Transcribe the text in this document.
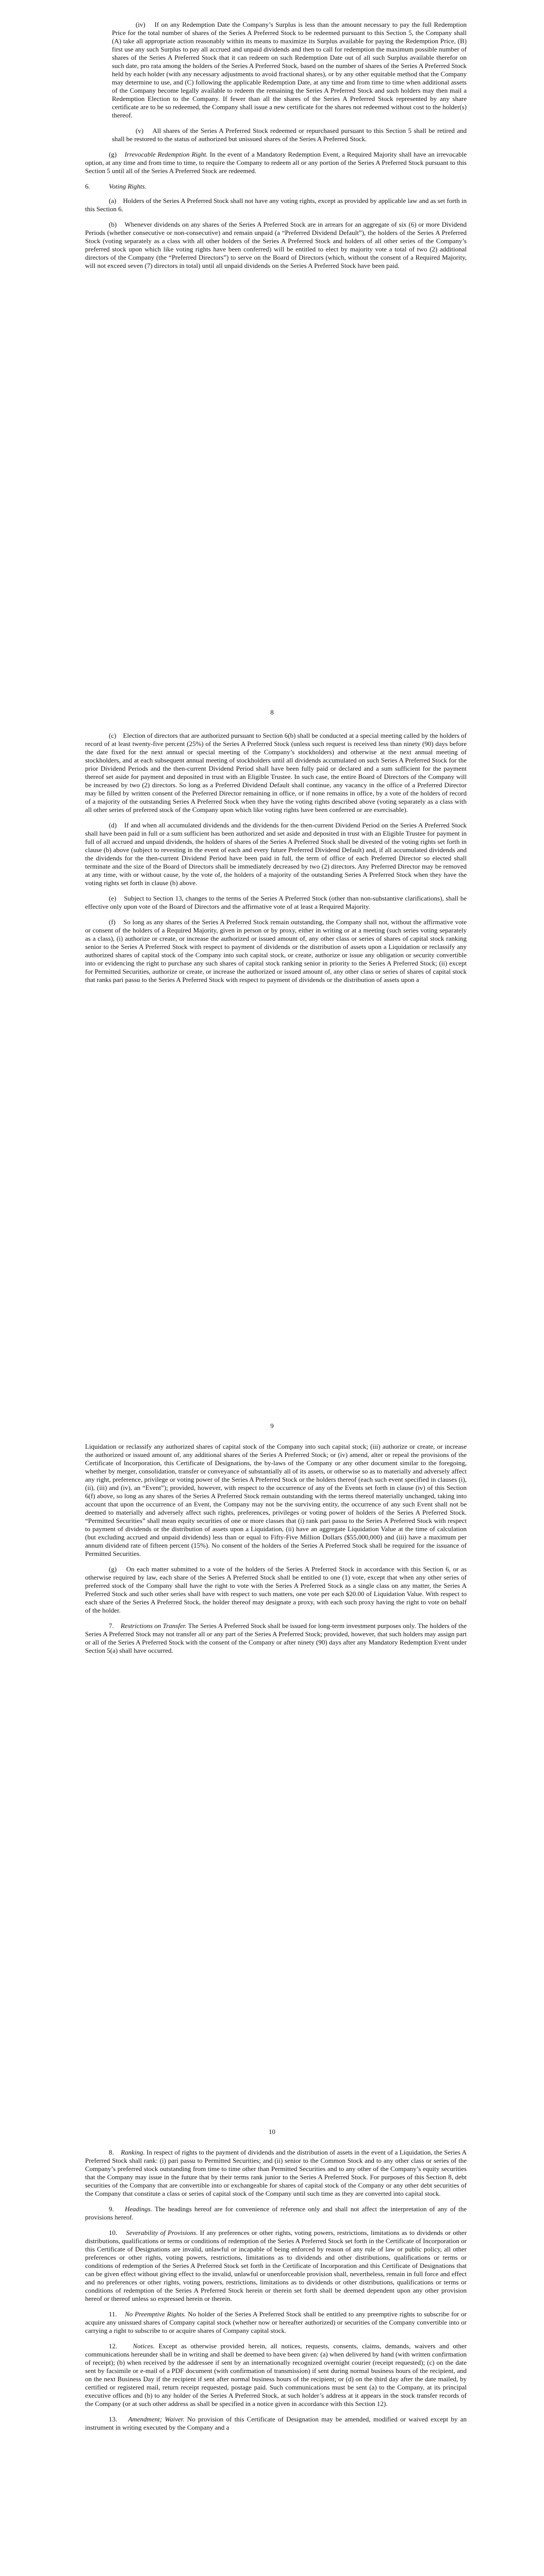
(iv) If on any Redemption Date the Company’s Surplus is less than the amount necessary to pay the full Redemption Price for the total number of shares of the Series A Preferred Stock to be redeemed pursuant to this Section 5, the Company shall (A) take all appropriate action reasonably within its means to maximize its Surplus available for paying the Redemption Price, (B) first use any such Surplus to pay all accrued and unpaid dividends and then to call for redemption the maximum possible number of shares of the Series A Preferred Stock that it can redeem on such Redemption Date out of all such Surplus available therefor on such date, pro rata among the holders of the Series A Preferred Stock, based on the number of shares of the Series A Preferred Stock held by each holder (with any necessary adjustments to avoid fractional shares), or by any other equitable method that the Company may determine to use, and (C) following the applicable Redemption Date, at any time and from time to time when additional assets of the Company become legally available to redeem the remaining the Series A Preferred Stock and such holders may then mail a Redemption Election to the Company. If fewer than all the shares of the Series A Preferred Stock represented by any share certificate are to be so redeemed, the Company shall issue a new certificate for the shares not redeemed without cost to the holder(s) thereof.

(v) All shares of the Series A Preferred Stock redeemed or repurchased pursuant to this Section 5 shall be retired and shall be restored to the status of authorized but unissued shares of the Series A Preferred Stock.

(g) Irrevocable Redemption Right. In the event of a Mandatory Redemption Event, a Required Majority shall have an irrevocable option, at any time and from time to time, to require the Company to redeem all or any portion of the Series A Preferred Stock pursuant to this Section 5 until all of the Series A Preferred Stock are redeemed.

6.	Voting Rights.

(a) Holders of the Series A Preferred Stock shall not have any voting rights, except as provided by applicable law and as set forth in this Section 6.

(b) Whenever dividends on any shares of the Series A Preferred Stock are in arrears for an aggregate of six (6) or more Dividend Periods (whether consecutive or non-consecutive) and remain unpaid (a “Preferred Dividend Default”), the holders of the Series A Preferred Stock (voting separately as a class with all other holders of the Series A Preferred Stock and holders of all other series of the Company’s preferred stock upon which like voting rights have been conferred) will be entitled to elect by majority vote a total of two (2) additional directors of the Company (the “Preferred Directors”) to serve on the Board of Directors (which, without the consent of a Required Majority, will not exceed seven (7) directors in total) until all unpaid dividends on the Series A Preferred Stock have been paid.

8

(c) Election of directors that are authorized pursuant to Section 6(b) shall be conducted at a special meeting called by the holders of record of at least twenty-five percent (25%) of the Series A Preferred Stock (unless such request is received less than ninety (90) days before the date fixed for the next annual or special meeting of the Company’s stockholders) and otherwise at the next annual meeting of stockholders, and at each subsequent annual meeting of stockholders until all dividends accumulated on such Series A Preferred Stock for the prior Dividend Periods and the then-current Dividend Period shall have been fully paid or declared and a sum sufficient for the payment thereof set aside for payment and deposited in trust with an Eligible Trustee. In such case, the entire Board of Directors of the Company will be increased by two (2) directors. So long as a Preferred Dividend Default shall continue, any vacancy in the office of a Preferred Director may be filled by written consent of the Preferred Director remaining in office, or if none remains in office, by a vote of the holders of record of a majority of the outstanding Series A Preferred Stock when they have the voting rights described above (voting separately as a class with all other series of preferred stock of the Company upon which like voting rights have been conferred or are exercisable).

(d) If and when all accumulated dividends and the dividends for the then-current Dividend Period on the Series A Preferred Stock shall have been paid in full or a sum sufficient has been authorized and set aside and deposited in trust with an Eligible Trustee for payment in full of all accrued and unpaid dividends, the holders of shares of the Series A Preferred Stock shall be divested of the voting rights set forth in clause (b) above (subject to revesting in the event of each and every future Preferred Dividend Default) and, if all accumulated dividends and the dividends for the then-current Dividend Period have been paid in full, the term of office of each Preferred Director so elected shall terminate and the size of the Board of Directors shall be immediately decreased by two (2) directors. Any Preferred Director may be removed at any time, with or without cause, by the vote of, the holders of a majority of the outstanding Series A Preferred Stock when they have the voting rights set forth in clause (b) above.

(e) Subject to Section 13, changes to the terms of the Series A Preferred Stock (other than non-substantive clarifications), shall be effective only upon vote of the Board of Directors and the affirmative vote of at least a Required Majority.

(f) So long as any shares of the Series A Preferred Stock remain outstanding, the Company shall not, without the affirmative vote or consent of the holders of a Required Majority, given in person or by proxy, either in writing or at a meeting (such series voting separately as a class), (i) authorize or create, or increase the authorized or issued amount of, any other class or series of shares of capital stock ranking senior to the Series A Preferred Stock with respect to payment of dividends or the distribution of assets upon a Liquidation or reclassify any authorized shares of capital stock of the Company into such capital stock, or create, authorize or issue any obligation or security convertible into or evidencing the right to purchase any such shares of capital stock ranking senior in priority to the Series A Preferred Stock; (ii) except for Permitted Securities, authorize or create, or increase the authorized or issued amount of, any other class or series of shares of capital stock that ranks pari passu to the Series A Preferred Stock with respect to payment of dividends or the distribution of assets upon a

9

Liquidation or reclassify any authorized shares of capital stock of the Company into such capital stock; (iii) authorize or create, or increase the authorized or issued amount of, any additional shares of the Series A Preferred Stock; or (iv) amend, alter or repeal the provisions of the Certificate of Incorporation, this Certificate of Designations, the by-laws of the Company or any other document similar to the foregoing, whether by merger, consolidation, transfer or conveyance of substantially all of its assets, or otherwise so as to materially and adversely affect any right, preference, privilege or voting power of the Series A Preferred Stock or the holders thereof (each such event specified in clauses (i), (ii), (iii) and (iv), an “Event”); provided, however, with respect to the occurrence of any of the Events set forth in clause (iv) of this Section 6(f) above, so long as any shares of the Series A Preferred Stock remain outstanding with the terms thereof materially unchanged, taking into account that upon the occurrence of an Event, the Company may not be the surviving entity, the occurrence of any such Event shall not be deemed to materially and adversely affect such rights, preferences, privileges or voting power of holders of the Series A Preferred Stock. “Permitted Securities” shall mean equity securities of one or more classes that (i) rank pari passu to the Series A Preferred Stock with respect to payment of dividends or the distribution of assets upon a Liquidation, (ii) have an aggregate Liquidation Value at the time of calculation (but excluding accrued and unpaid dividends) less than or equal to Fifty-Five Million Dollars ($55,000,000) and (iii) have a maximum per annum dividend rate of fifteen percent (15%). No consent of the holders of the Series A Preferred Stock shall be required for the issuance of Permitted Securities.

(g) On each matter submitted to a vote of the holders of the Series A Preferred Stock in accordance with this Section 6, or as otherwise required by law, each share of the Series A Preferred Stock shall be entitled to one (1) vote, except that when any other series of preferred stock of the Company shall have the right to vote with the Series A Preferred Stock as a single class on any matter, the Series A Preferred Stock and such other series shall have with respect to such matters, one vote per each $20.00 of Liquidation Value. With respect to each share of the Series A Preferred Stock, the holder thereof may designate a proxy, with each such proxy having the right to vote on behalf of the holder.

7. Restrictions on Transfer. The Series A Preferred Stock shall be issued for long-term investment purposes only. The holders of the Series A Preferred Stock may not transfer all or any part of the Series A Preferred Stock; provided, however, that such holders may assign part or all of the Series A Preferred Stock with the consent of the Company or after ninety (90) days after any Mandatory Redemption Event under Section 5(a) shall have occurred.

10

8. Ranking. In respect of rights to the payment of dividends and the distribution of assets in the event of a Liquidation, the Series A Preferred Stock shall rank: (i) pari passu to Permitted Securities; and (ii) senior to the Common Stock and to any other class or series of the Company’s preferred stock outstanding from time to time other than Permitted Securities and to any other of the Company’s equity securities that the Company may issue in the future that by their terms rank junior to the Series A Preferred Stock. For purposes of this Section 8, debt securities of the Company that are convertible into or exchangeable for shares of capital stock of the Company or any other debt securities of the Company that constitute a class or series of capital stock of the Company until such time as they are converted into capital stock.

9. Headings. The headings hereof are for convenience of reference only and shall not affect the interpretation of any of the provisions hereof.

10. Severability of Provisions. If any preferences or other rights, voting powers, restrictions, limitations as to dividends or other distributions, qualifications or terms or conditions of redemption of the Series A Preferred Stock set forth in the Certificate of Incorporation or this Certificate of Designations are invalid, unlawful or incapable of being enforced by reason of any rule of law or public policy, all other preferences or other rights, voting powers, restrictions, limitations as to dividends and other distributions, qualifications or terms or conditions of redemption of the Series A Preferred Stock set forth in the Certificate of Incorporation and this Certificate of Designations that can be given effect without giving effect to the invalid, unlawful or unenforceable provision shall, nevertheless, remain in full force and effect and no preferences or other rights, voting powers, restrictions, limitations as to dividends or other distributions, qualifications or terms or conditions of redemption of the Series A Preferred Stock herein or therein set forth shall be deemed dependent upon any other provision hereof or thereof unless so expressed herein or therein.

11. No Preemptive Rights. No holder of the Series A Preferred Stock shall be entitled to any preemptive rights to subscribe for or acquire any unissued shares of Company capital stock (whether now or hereafter authorized) or securities of the Company convertible into or carrying a right to subscribe to or acquire shares of Company capital stock.

12. Notices. Except as otherwise provided herein, all notices, requests, consents, claims, demands, waivers and other communications hereunder shall be in writing and shall be deemed to have been given: (a) when delivered by hand (with written confirmation of receipt); (b) when received by the addressee if sent by an internationally recognized overnight courier (receipt requested); (c) on the date sent by facsimile or e-mail of a PDF document (with confirmation of transmission) if sent during normal business hours of the recipient, and on the next Business Day if the recipient if sent after normal business hours of the recipient; or (d) on the third day after the date mailed, by certified or registered mail, return receipt requested, postage paid. Such communications must be sent (a) to the Company, at its principal executive offices and (b) to any holder of the Series A Preferred Stock, at such holder’s address at it appears in the stock transfer records of the Company (or at such other address as shall be specified in a notice given in accordance with this Section 12).

13. Amendment; Waiver. No provision of this Certificate of Designation may be amended, modified or waived except by an instrument in writing executed by the Company and a
